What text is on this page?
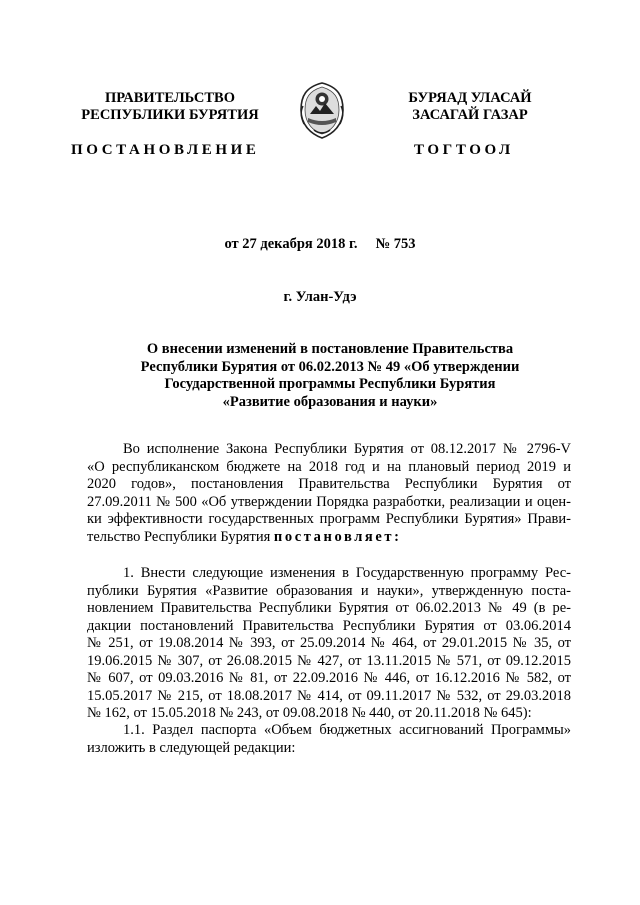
ПРАВИТЕЛЬСТВО
РЕСПУБЛИКИ БУРЯТИЯ
БУРЯАД УЛАСАЙ
ЗАСАГАЙ ГАЗАР
ПОСТАНОВЛЕНИЕ	ТОГТООЛ
от 27 декабря 2018 г. № 753
г. Улан-Удэ
О внесении изменений в постановление Правительства
Республики Бурятия от 06.02.2013 № 49 «Об утверждении
Государственной программы Республики Бурятия
«Развитие образования и науки»
Во исполнение Закона Республики Бурятия от 08.12.2017 № 2796-V
«О республиканском бюджете на 2018 год и на плановый период 2019 и
2020 годов», постановления Правительства Республики Бурятия от
27.09.2011 № 500 «Об утверждении Порядка разработки, реализации и оцен-
ки эффективности государственных программ Республики Бурятия» Прави-
тельство Республики Бурятия постановляет:
1. Внести следующие изменения в Государственную программу Рес-
публики Бурятия «Развитие образования и науки», утвержденную поста-
новлением Правительства Республики Бурятия от 06.02.2013 № 49 (в ре-
дакции постановлений Правительства Республики Бурятия от 03.06.2014
№ 251, от 19.08.2014 № 393, от 25.09.2014 № 464, от 29.01.2015 № 35, от
19.06.2015 № 307, от 26.08.2015 № 427, от 13.11.2015 № 571, от 09.12.2015
№ 607, от 09.03.2016 № 81, от 22.09.2016 № 446, от 16.12.2016 № 582, от
15.05.2017 № 215, от 18.08.2017 № 414, от 09.11.2017 № 532, от 29.03.2018
№ 162, от 15.05.2018 № 243, от 09.08.2018 № 440, от 20.11.2018 № 645):
1.1. Раздел паспорта «Объем бюджетных ассигнований Программы»
изложить в следующей редакции:
